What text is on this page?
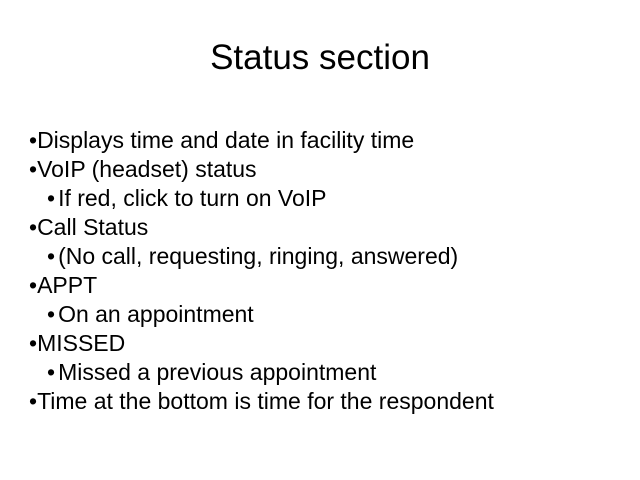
Status section
•Displays time and date in facility time
•VoIP (headset) status
• If red, click to turn on VoIP
•Call Status
• (No call, requesting, ringing, answered)
•APPT
• On an appointment
•MISSED
• Missed a previous appointment
•Time at the bottom is time for the respondent
